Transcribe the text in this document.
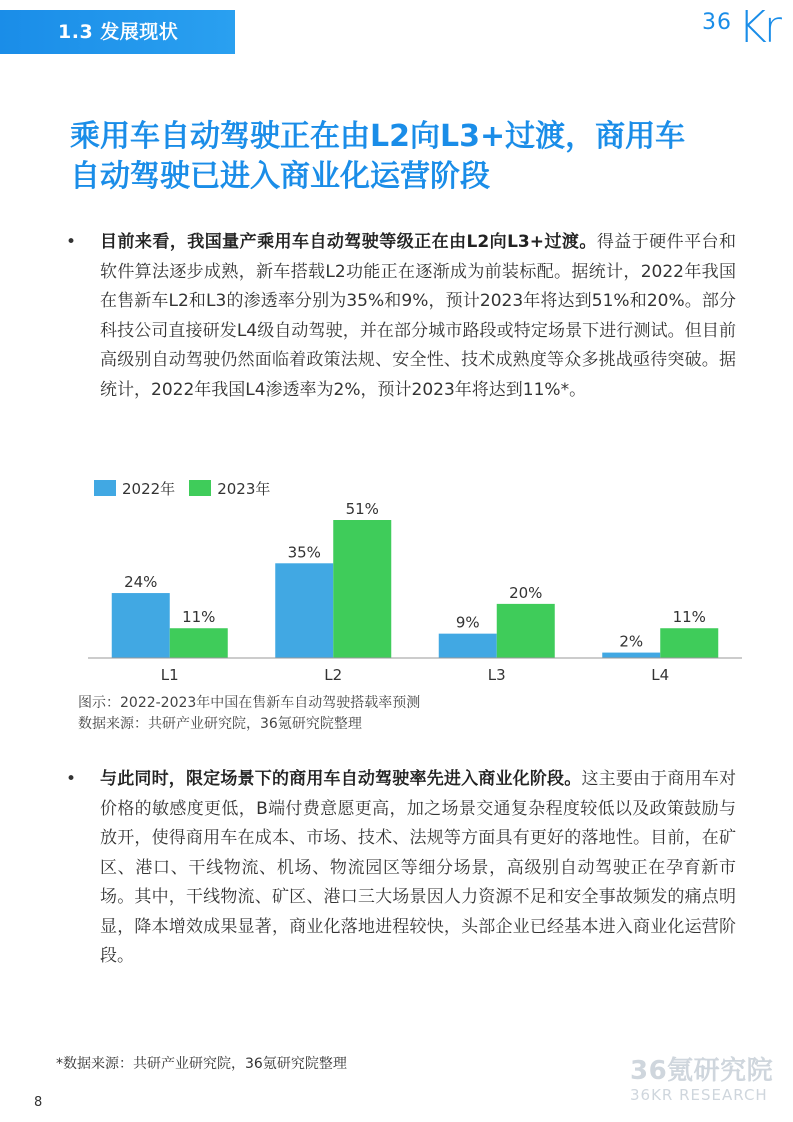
1.3 发展现状	36 Kr
乘用车自动驾驶正在由L2向L3+过渡，商用车
自动驾驶已进入商业化运营阶段
• 目前来看，我国量产乘用车自动驾驶等级正在由L2向L3+过渡。得益于硬件平台和软件算法逐步成熟，新车搭载L2功能正在逐渐成为前装标配。据统计，2022年我国在售新车L2和L3的渗透率分别为35%和9%，预计2023年将达到51%和20%。部分科技公司直接研发L4级自动驾驶，并在部分城市路段或特定场景下进行测试。但目前高级别自动驾驶仍然面临着政策法规、安全性、技术成熟度等众多挑战亟待突破。据统计，2022年我国L4渗透率为2%，预计2023年将达到11%*。

2022年	2023年
24%
11%
L1
35%
51%
L2
9%
20%
L3
2%
11%
L4
图示：2022-2023年中国在售新车自动驾驶搭载率预测
数据来源：共研产业研究院，36氪研究院整理
• 与此同时，限定场景下的商用车自动驾驶率先进入商业化阶段。这主要由于商用车对价格的敏感度更低，B端付费意愿更高，加之场景交通复杂程度较低以及政策鼓励与放开，使得商用车在成本、市场、技术、法规等方面具有更好的落地性。目前，在矿区、港口、干线物流、机场、物流园区等细分场景，高级别自动驾驶正在孕育新市场。其中，干线物流、矿区、港口三大场景因人力资源不足和安全事故频发的痛点明显，降本增效成果显著，商业化落地进程较快，头部企业已经基本进入商业化运营阶段。

*数据来源：共研产业研究院，36氪研究院整理
8
36氪研究院
36KR RESEARCH
